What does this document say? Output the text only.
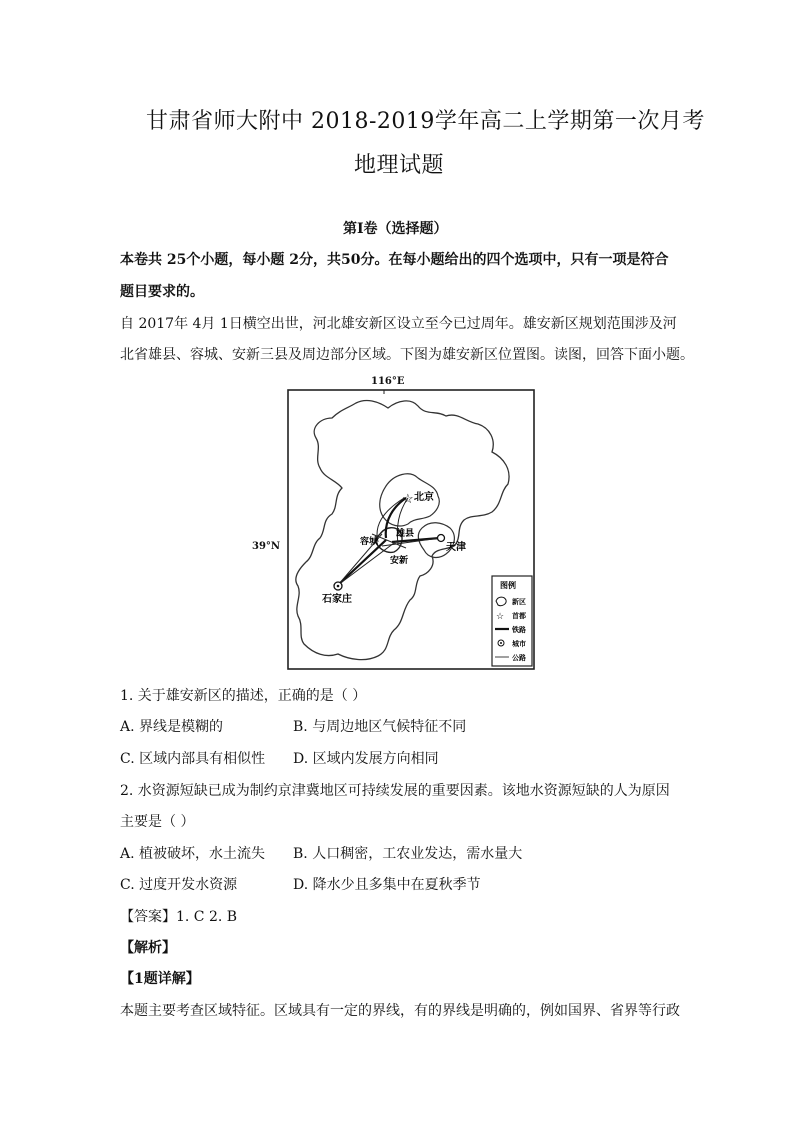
甘肃省师大附中 2018-2019学年高二上学期第一次月考
地理试题
第Ⅰ卷（选择题）
本卷共 25个小题，每小题 2分，共50分。在每小题给出的四个选项中，只有一项是符合
题目要求的。
自 2017年 4月 1日横空出世，河北雄安新区设立至今已过周年。雄安新区规划范围涉及河
北省雄县、容城、安新三县及周边部分区域。下图为雄安新区位置图。读图，回答下面小题。
☆ 北京
天津
容城
雄县
安新
石家庄
图例
新区
☆ 首都
铁路
城市
公路
116°E
39°N
1. 关于雄安新区的描述，正确的是（ ）
A. 界线是模糊的	B. 与周边地区气候特征不同
C. 区域内部具有相似性 D. 区域内发展方向相同
2. 水资源短缺已成为制约京津冀地区可持续发展的重要因素。该地水资源短缺的人为原因
主要是（ ）
A. 植被破坏，水土流失 B. 人口稠密，工农业发达，需水量大
C. 过度开发水资源	D. 降水少且多集中在夏秋季节
【答案】1. C 2. B
【解析】
【1题详解】
本题主要考查区域特征。区域具有一定的界线，有的界线是明确的，例如国界、省界等行政
